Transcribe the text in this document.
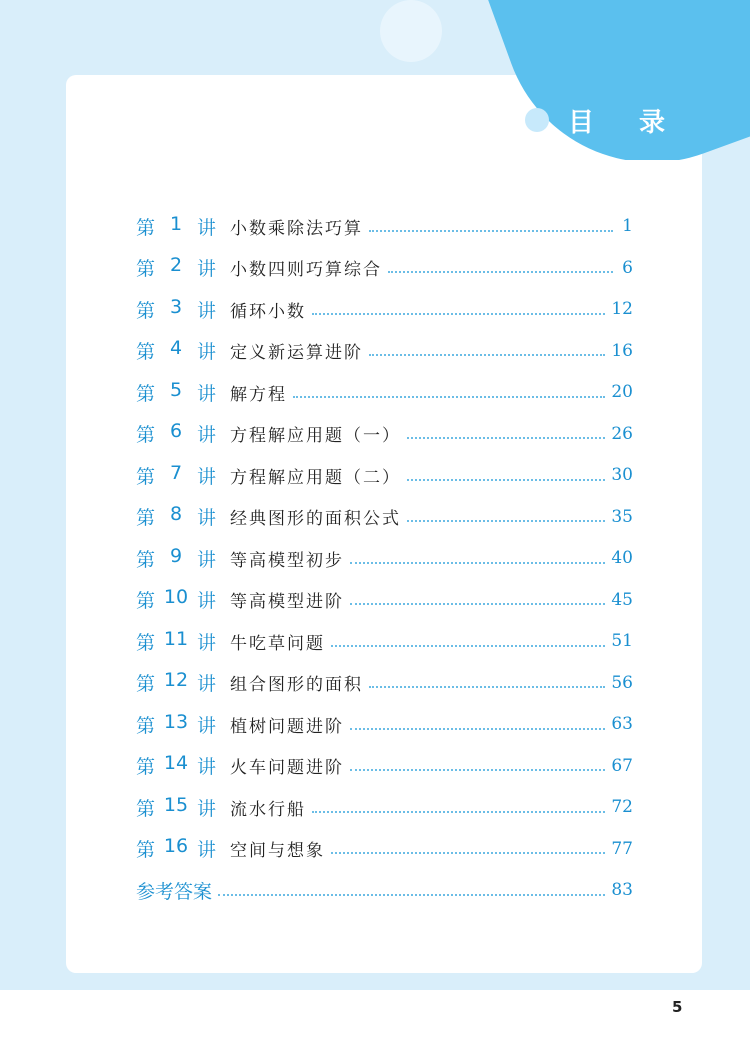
目 录
第 1 讲 小数乘除法巧算	1
第 2 讲 小数四则巧算综合	6
第 3 讲 循环小数	12
第 4 讲 定义新运算进阶	16
第 5 讲 解方程	20
第 6 讲 方程解应用题（一）	26
第 7 讲 方程解应用题（二）	30
第 8 讲 经典图形的面积公式	35
第 9 讲 等高模型初步	40
第 10 讲 等高模型进阶	45
第 11 讲 牛吃草问题	51
第 12 讲 组合图形的面积	56
第 13 讲 植树问题进阶	63
第 14 讲 火车问题进阶	67
第 15 讲 流水行船	72
第 16 讲 空间与想象	77
参考答案	83
5
